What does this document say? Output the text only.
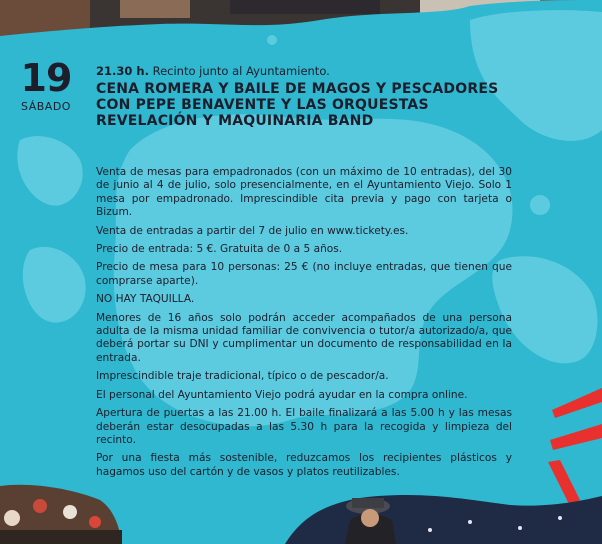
19
SÁBADO

21.30 h. Recinto junto al Ayuntamiento.

CENA ROMERA Y BAILE DE MAGOS Y PESCADORES CON PEPE BENAVENTE Y LAS ORQUESTAS REVELACIÓN Y MAQUINARIA BAND

Venta de mesas para empadronados (con un máximo de 10 entradas), del 30 de junio al 4 de julio, solo presencialmente, en el Ayuntamiento Viejo. Solo 1 mesa por empadronado. Imprescindible cita previa y pago con tarjeta o Bizum.

Venta de entradas a partir del 7 de julio en www.tickety.es.

Precio de entrada: 5 €. Gratuita de 0 a 5 años.

Precio de mesa para 10 personas: 25 € (no incluye entradas, que tienen que comprarse aparte).

NO HAY TAQUILLA.

Menores de 16 años solo podrán acceder acompañados de una persona adulta de la misma unidad familiar de convivencia o tutor/a autorizado/a, que deberá portar su DNI y cumplimentar un documento de responsabilidad en la entrada.

Imprescindible traje tradicional, típico o de pescador/a.

El personal del Ayuntamiento Viejo podrá ayudar en la compra online.

Apertura de puertas a las 21.00 h. El baile finalizará a las 5.00 h y las mesas deberán estar desocupadas a las 5.30 h para la recogida y limpieza del recinto.

Por una fiesta más sostenible, reduzcamos los recipientes plásticos y hagamos uso del cartón y de vasos y platos reutilizables.
